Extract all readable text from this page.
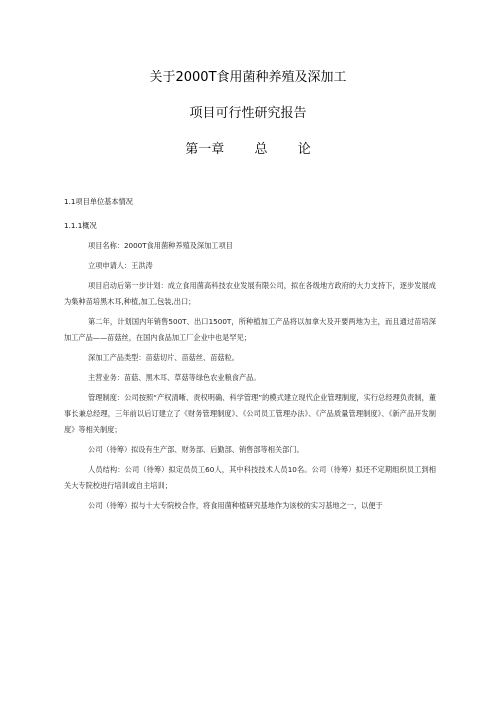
关于2000T食用菌种养殖及深加工
项目可行性研究报告
第一章 总 论
1.1项目单位基本情况
1.1.1概况

项目名称：2000T食用菌种养殖及深加工项目

立项申请人：王洪涛

项目启动后第一步计划：成立食用菌高科技农业发展有限公司，拟在各级地方政府的大力支持下，逐步发展成为集种苗培黑木耳,种植,加工,包装,出口；

第二年，计划国内年销售500T、出口1500T，所种植加工产品将以加拿大及开要两地为主，而且通过苗培深加工产品——苗菇丝，在国内食品加工厂企业中也是罕见；

深加工产品类型：苗菇切片、苗菇丝、苗菇粒。

主营业务：苗菇、黑木耳、草菇等绿色农业粮食产品。

管理制度：公司按照“产权清晰、责权明确、科学管理”的模式建立现代企业管理制度，实行总经理负责制，董事长兼总经理，三年前以后订建立了《财务管理制度》、《公司员工管理办法》、《产品质量管理制度》、《新产品开发制度》等相关制度；

公司（待筹）拟设有生产部、财务部、后勤部、销售部等相关部门。

人员结构：公司（待筹）拟定员员工60人，其中科技技术人员10名。公司（待筹）拟还不定期组织员工到相关大专院校进行培训或自主培训；

公司（待筹）拟与十大专院校合作，将食用菌种植研究基地作为该校的实习基地之一，以便于
